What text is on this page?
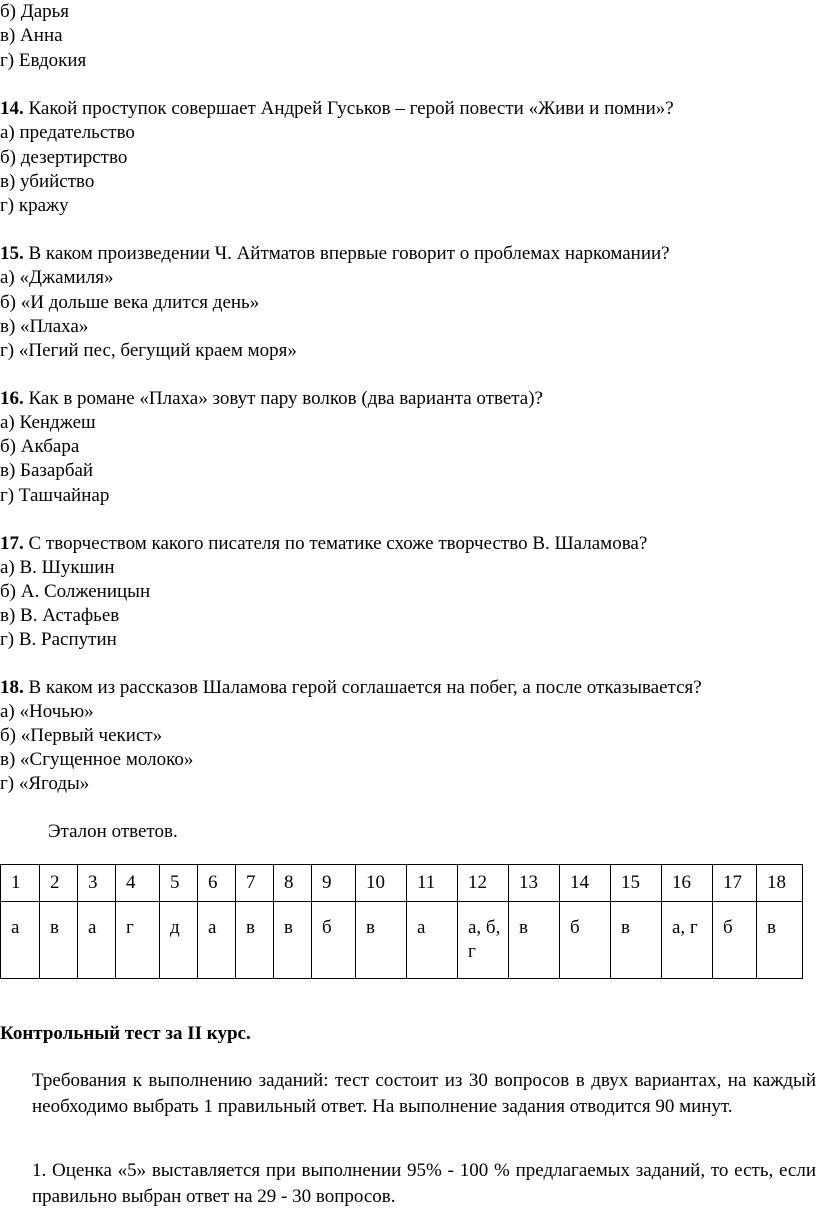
б) Дарья
в) Анна
г) Евдокия
14. Какой проступок совершает Андрей Гуськов – герой повести «Живи и помни»?
а) предательство
б) дезертирство
в) убийство
г) кражу
15. В каком произведении Ч. Айтматов впервые говорит о проблемах наркомании?
а) «Джамиля»
б) «И дольше века длится день»
в) «Плаха»
г) «Пегий пес, бегущий краем моря»
16. Как в романе «Плаха» зовут пару волков (два варианта ответа)?
а) Кенджеш
б) Акбара
в) Базарбай
г) Ташчайнар
17. С творчеством какого писателя по тематике схоже творчество В. Шаламова?
а) В. Шукшин
б) А. Солженицын
в) В. Астафьев
г) В. Распутин
18. В каком из рассказов Шаламова герой соглашается на побег, а после отказывается?
а) «Ночью»
б) «Первый чекист»
в) «Сгущенное молоко»
г) «Ягоды»
Эталон ответов.
1	2	3	4	5	6	7	8	9	10	11	12	13	14	15	16	17	18
а	в	а	г	д	а	в	в	б	в	а	а, б, г	в	б	в	а, г	б	в
Контрольный тест за II курс.
Требования к выполнению заданий: тест состоит из 30 вопросов в двух вариантах, на каждый необходимо выбрать 1 правильный ответ. На выполнение задания отводится 90 минут.
1. Оценка «5» выставляется при выполнении 95% - 100 % предлагаемых заданий, то есть, если правильно выбран ответ на 29 - 30 вопросов.
